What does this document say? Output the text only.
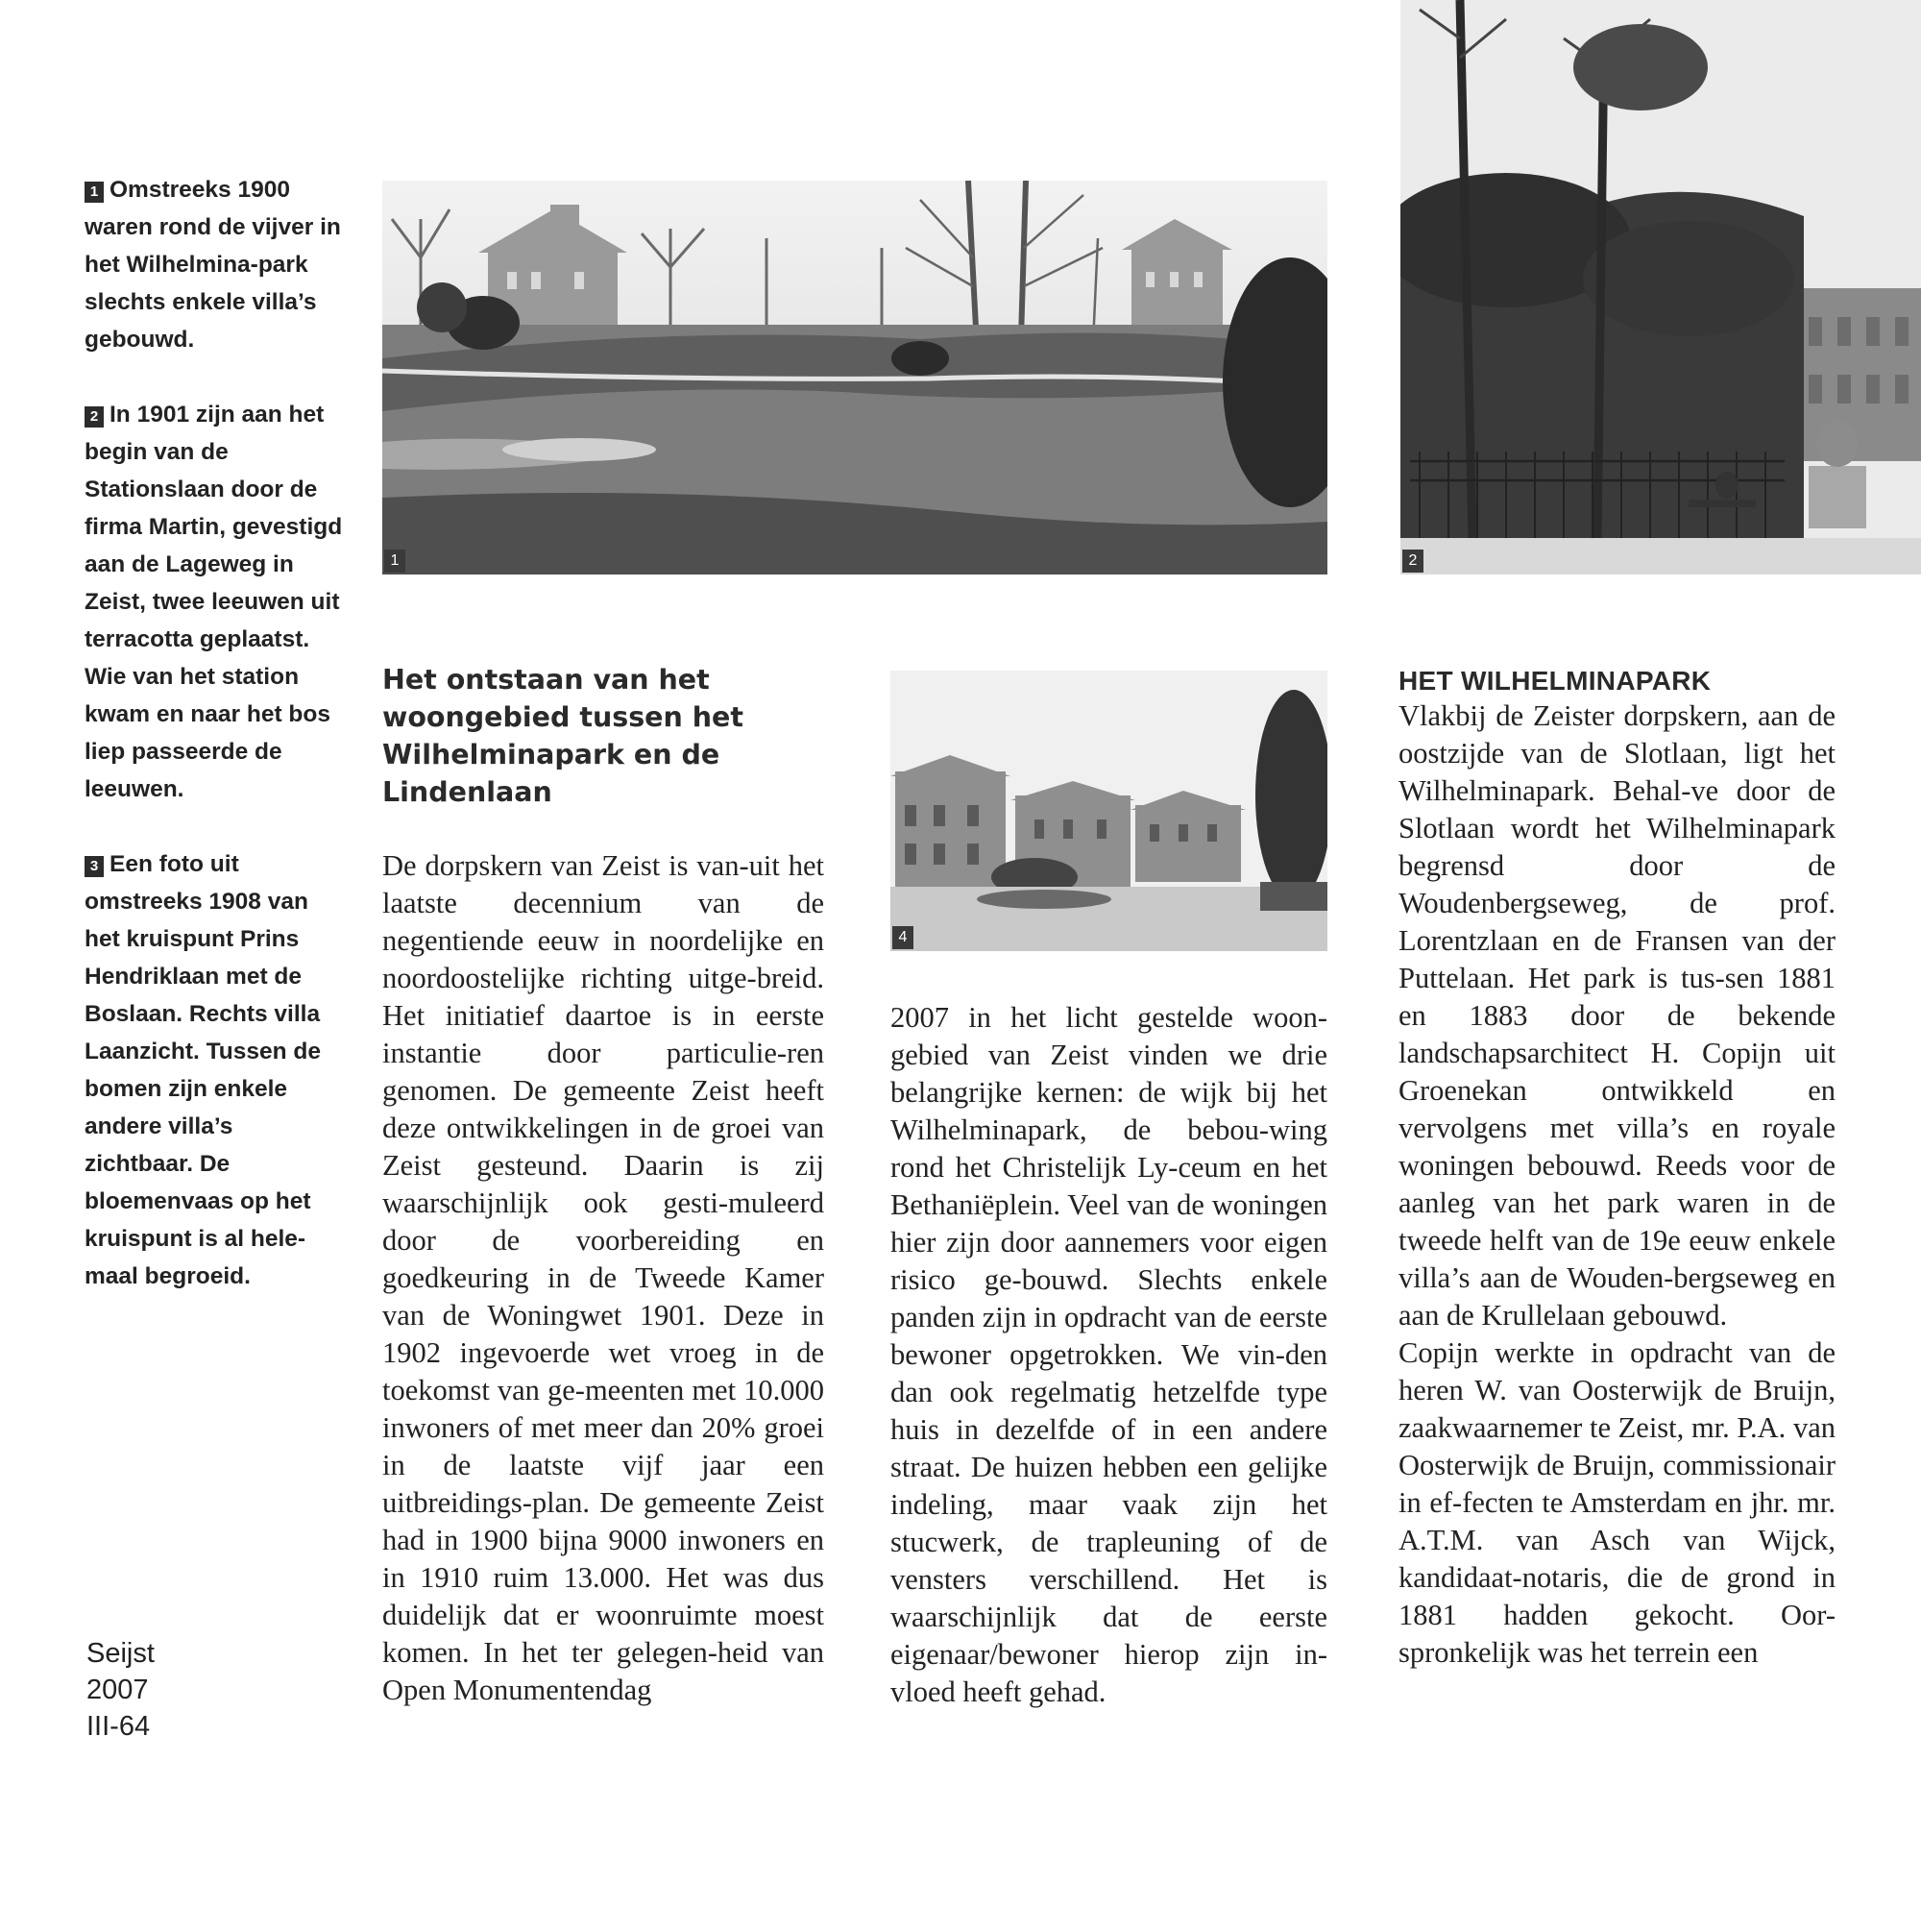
1 Omstreeks 1900 waren rond de vijver in het Wilhelmina-park slechts enkele villa’s gebouwd.

2 In 1901 zijn aan het begin van de Stationslaan door de firma Martin, gevestigd aan de Lageweg in Zeist, twee leeuwen uit terracotta geplaatst. Wie van het station kwam en naar het bos liep passeerde de leeuwen.

3 Een foto uit omstreeks 1908 van het kruispunt Prins Hendriklaan met de Boslaan. Rechts villa Laanzicht. Tussen de bomen zijn enkele andere villa’s zichtbaar. De bloemenvaas op het kruispunt is al hele-maal begroeid.

Seijst
2007
III-64
1	2
4
Het ontstaan van het woongebied tussen het Wilhelminapark en de Lindenlaan

De dorpskern van Zeist is van-uit het laatste decennium van de negentiende eeuw in noordelijke en noordoostelijke richting uitge-breid. Het initiatief daartoe is in eerste instantie door particulie-ren genomen. De gemeente Zeist heeft deze ontwikkelingen in de groei van Zeist gesteund. Daarin is zij waarschijnlijk ook gesti-muleerd door de voorbereiding en goedkeuring in de Tweede Kamer van de Woningwet 1901. Deze in 1902 ingevoerde wet vroeg in de toekomst van ge-meenten met 10.000 inwoners of met meer dan 20% groei in de laatste vijf jaar een uitbreidings-plan. De gemeente Zeist had in 1900 bijna 9000 inwoners en in 1910 ruim 13.000. Het was dus duidelijk dat er woonruimte moest komen. In het ter gelegen-heid van Open Monumentendag

2007 in het licht gestelde woon-gebied van Zeist vinden we drie belangrijke kernen: de wijk bij het Wilhelminapark, de bebou-wing rond het Christelijk Ly-ceum en het Bethaniëplein. Veel van de woningen hier zijn door aannemers voor eigen risico ge-bouwd. Slechts enkele panden zijn in opdracht van de eerste bewoner opgetrokken. We vin-den dan ook regelmatig hetzelfde type huis in dezelfde of in een andere straat. De huizen hebben een gelijke indeling, maar vaak zijn het stucwerk, de trapleuning of de vensters verschillend. Het is waarschijnlijk dat de eerste eigenaar/bewoner hierop zijn in-vloed heeft gehad.

HET WILHELMINAPARK

Vlakbij de Zeister dorpskern, aan de oostzijde van de Slotlaan, ligt het Wilhelminapark. Behal-ve door de Slotlaan wordt het Wilhelminapark begrensd door de Woudenbergseweg, de prof. Lorentzlaan en de Fransen van der Puttelaan. Het park is tus-sen 1881 en 1883 door de bekende landschapsarchitect H. Copijn uit Groenekan ontwikkeld en vervolgens met villa’s en royale woningen bebouwd. Reeds voor de aanleg van het park waren in de tweede helft van de 19e eeuw enkele villa’s aan de Wouden-bergseweg en aan de Krullelaan gebouwd.

Copijn werkte in opdracht van de heren W. van Oosterwijk de Bruijn, zaakwaarnemer te Zeist, mr. P.A. van Oosterwijk de Bruijn, commissionair in ef-fecten te Amsterdam en jhr. mr. A.T.M. van Asch van Wijck, kandidaat-notaris, die de grond in 1881 hadden gekocht. Oor-spronkelijk was het terrein een
